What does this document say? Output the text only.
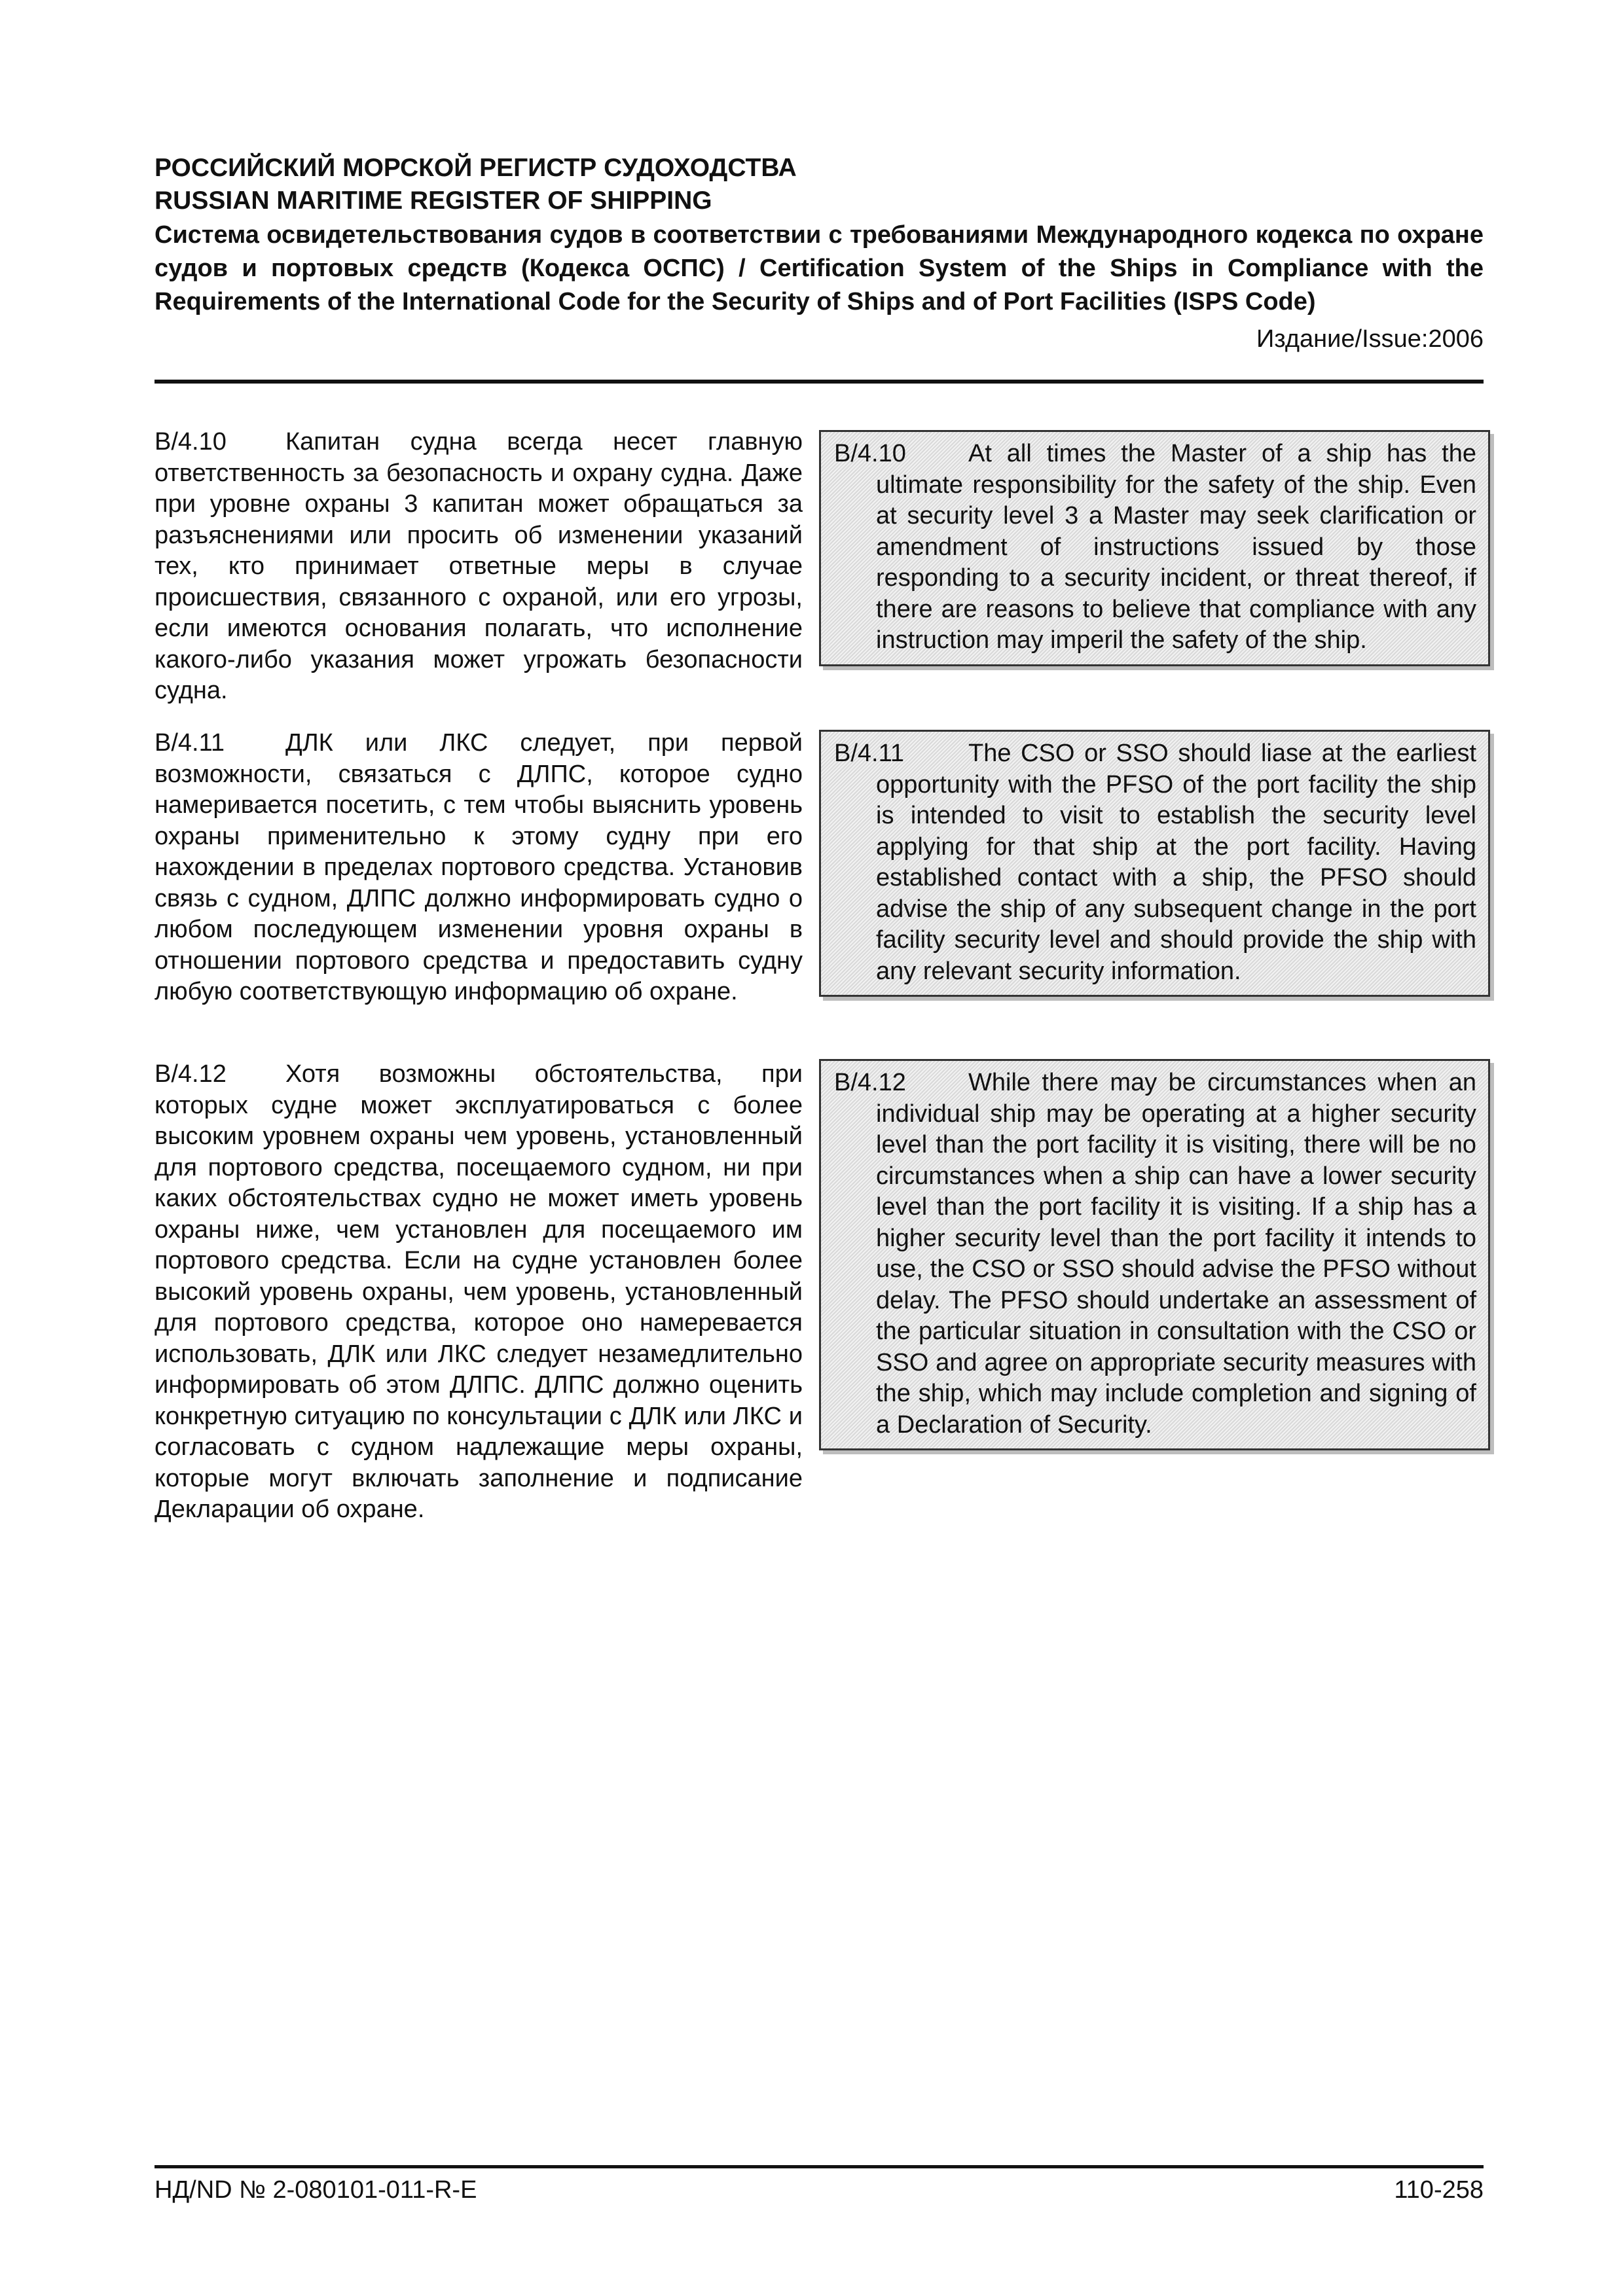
РОССИЙСКИЙ МОРСКОЙ РЕГИСТР СУДОХОДСТВА

RUSSIAN MARITIME REGISTER OF SHIPPING

Система освидетельствования судов в соответствии с требованиями Международного кодекса по охране судов и портовых средств (Кодекса ОСПС) / Certification System of the Ships in Compliance with the Requirements of the International Code for the Security of Ships and of Port Facilities (ISPS Code)

Издание/Issue:2006
B/4.10 Капитан судна всегда несет главную ответственность за безопасность и охрану судна. Даже при уровне охраны 3 капитан может обращаться за разъяснениями или просить об изменении указаний тех, кто принимает ответные меры в случае происшествия, связанного с охраной, или его угрозы, если имеются основания полагать, что исполнение какого-либо указания может угрожать безопасности судна.

B/4.10	At all times the Master of a ship has the ultimate responsibility for the safety of the ship. Even at security level 3 a Master may seek clarification or amendment of instructions issued by those responding to a security incident, or threat thereof, if there are reasons to believe that compliance with any instruction may imperil the safety of the ship.

B/4.11 ДЛК или ЛКС следует, при первой возможности, связаться с ДЛПС, которое судно намеривается посетить, с тем чтобы выяснить уровень охраны применительно к этому судну при его нахождении в пределах портового средства. Установив связь с судном, ДЛПС должно информировать судно о любом последующем изменении уровня охраны в отношении портового средства и предоставить судну любую соответствующую информацию об охране.

B/4.11	The CSO or SSO should liase at the earliest opportunity with the PFSO of the port facility the ship is intended to visit to establish the security level applying for that ship at the port facility. Having established contact with a ship, the PFSO should advise the ship of any subsequent change in the port facility security level and should provide the ship with any relevant security information.

B/4.12 Хотя возможны обстоятельства, при которых судне может эксплуатироваться с более высоким уровнем охраны чем уровень, установленный для портового средства, посещаемого судном, ни при каких обстоятельствах судно не может иметь уровень охраны ниже, чем установлен для посещаемого им портового средства. Если на судне установлен более высокий уровень охраны, чем уровень, установленный для портового средства, которое оно намеревается использовать, ДЛК или ЛКС следует незамедлительно информировать об этом ДЛПС. ДЛПС должно оценить конкретную ситуацию по консультации с ДЛК или ЛКС и согласовать с судном надлежащие меры охраны, которые могут включать заполнение и подписание Декларации об охране.

B/4.12	While there may be circumstances when an individual ship may be operating at a higher security level than the port facility it is visiting, there will be no circumstances when a ship can have a lower security level than the port facility it is visiting. If a ship has a higher security level than the port facility it intends to use, the CSO or SSO should advise the PFSO without delay. The PFSO should undertake an assessment of the particular situation in consultation with the CSO or SSO and agree on appropriate security measures with the ship, which may include completion and signing of a Declaration of Security.

НД/ND № 2-080101-011-R-E	110-258
